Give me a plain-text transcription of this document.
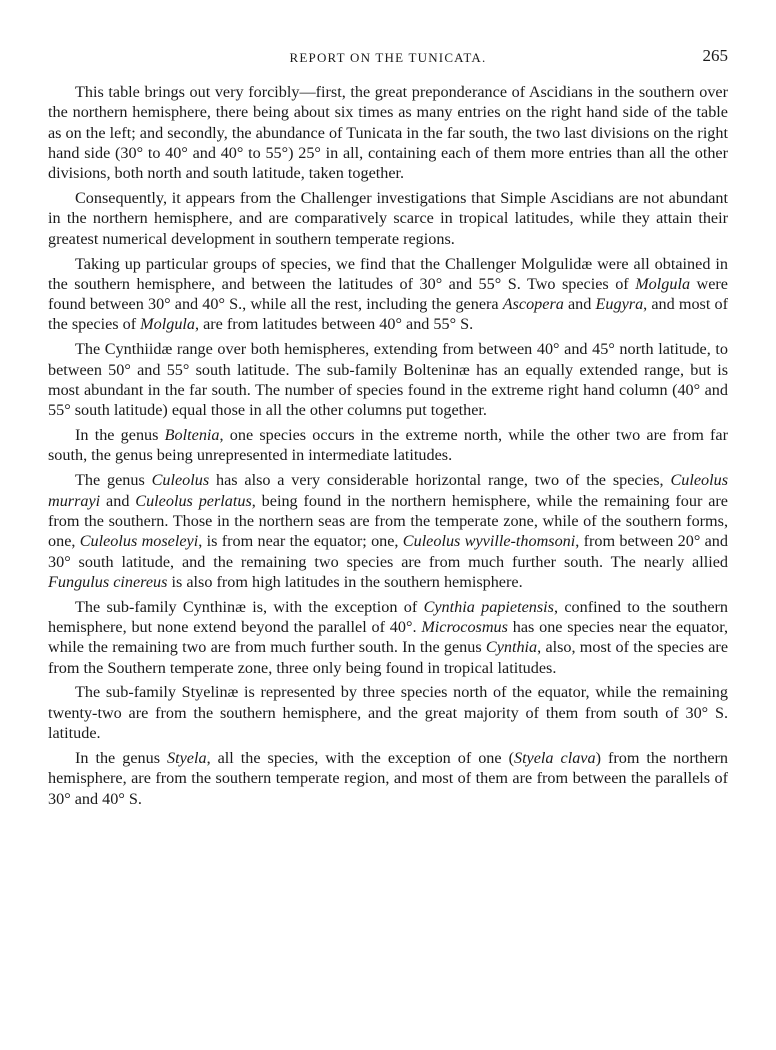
REPORT ON THE TUNICATA.	265

This table brings out very forcibly—first, the great preponderance of Ascidians in the southern over the northern hemisphere, there being about six times as many entries on the right hand side of the table as on the left; and secondly, the abundance of Tunicata in the far south, the two last divisions on the right hand side (30° to 40° and 40° to 55°) 25° in all, containing each of them more entries than all the other divisions, both north and south latitude, taken together.

Consequently, it appears from the Challenger investigations that Simple Ascidians are not abundant in the northern hemisphere, and are comparatively scarce in tropical latitudes, while they attain their greatest numerical development in southern temperate regions.

Taking up particular groups of species, we find that the Challenger Molgulidæ were all obtained in the southern hemisphere, and between the latitudes of 30° and 55° S. Two species of Molgula were found between 30° and 40° S., while all the rest, including the genera Ascopera and Eugyra, and most of the species of Molgula, are from latitudes between 40° and 55° S.

The Cynthiidæ range over both hemispheres, extending from between 40° and 45° north latitude, to between 50° and 55° south latitude. The sub-family Bolteninæ has an equally extended range, but is most abundant in the far south. The number of species found in the extreme right hand column (40° and 55° south latitude) equal those in all the other columns put together.

In the genus Boltenia, one species occurs in the extreme north, while the other two are from far south, the genus being unrepresented in intermediate latitudes.

The genus Culeolus has also a very considerable horizontal range, two of the species, Culeolus murrayi and Culeolus perlatus, being found in the northern hemisphere, while the remaining four are from the southern. Those in the northern seas are from the temperate zone, while of the southern forms, one, Culeolus moseleyi, is from near the equator; one, Culeolus wyville-thomsoni, from between 20° and 30° south latitude, and the remaining two species are from much further south. The nearly allied Fungulus cinereus is also from high latitudes in the southern hemisphere.

The sub-family Cynthinæ is, with the exception of Cynthia papietensis, confined to the southern hemisphere, but none extend beyond the parallel of 40°. Microcosmus has one species near the equator, while the remaining two are from much further south. In the genus Cynthia, also, most of the species are from the Southern temperate zone, three only being found in tropical latitudes.

The sub-family Styelinæ is represented by three species north of the equator, while the remaining twenty-two are from the southern hemisphere, and the great majority of them from south of 30° S. latitude.

In the genus Styela, all the species, with the exception of one (Styela clava) from the northern hemisphere, are from the southern temperate region, and most of them are from between the parallels of 30° and 40° S.
